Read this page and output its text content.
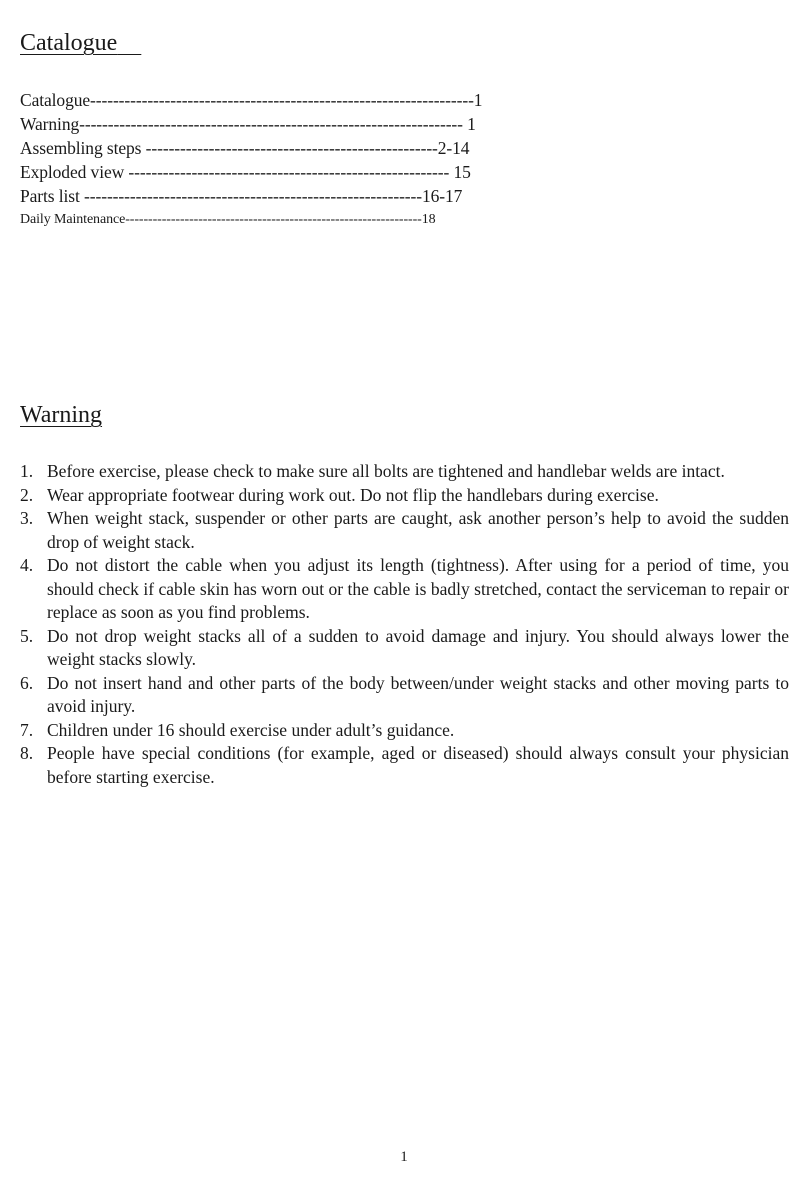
Catalogue
Catalogue-------------------------------------------------------------------1
Warning------------------------------------------------------------------- 1
Assembling steps ---------------------------------------------------2-14
Exploded view -------------------------------------------------------- 15
Parts list -----------------------------------------------------------16-17
Daily Maintenance-----------------------------------------------------------------18
Warning
1. Before exercise, please check to make sure all bolts are tightened and handlebar welds are intact.
2. Wear appropriate footwear during work out. Do not flip the handlebars during exercise.
3. When weight stack, suspender or other parts are caught, ask another person’s help to avoid the sudden drop of weight stack.
4. Do not distort the cable when you adjust its length (tightness). After using for a period of time, you should check if cable skin has worn out or the cable is badly stretched, contact the serviceman to repair or replace as soon as you find problems.
5. Do not drop weight stacks all of a sudden to avoid damage and injury. You should always lower the weight stacks slowly.
6. Do not insert hand and other parts of the body between/under weight stacks and other moving parts to avoid injury.
7. Children under 16 should exercise under adult’s guidance.
8. People have special conditions (for example, aged or diseased) should always consult your physician before starting exercise.
1
